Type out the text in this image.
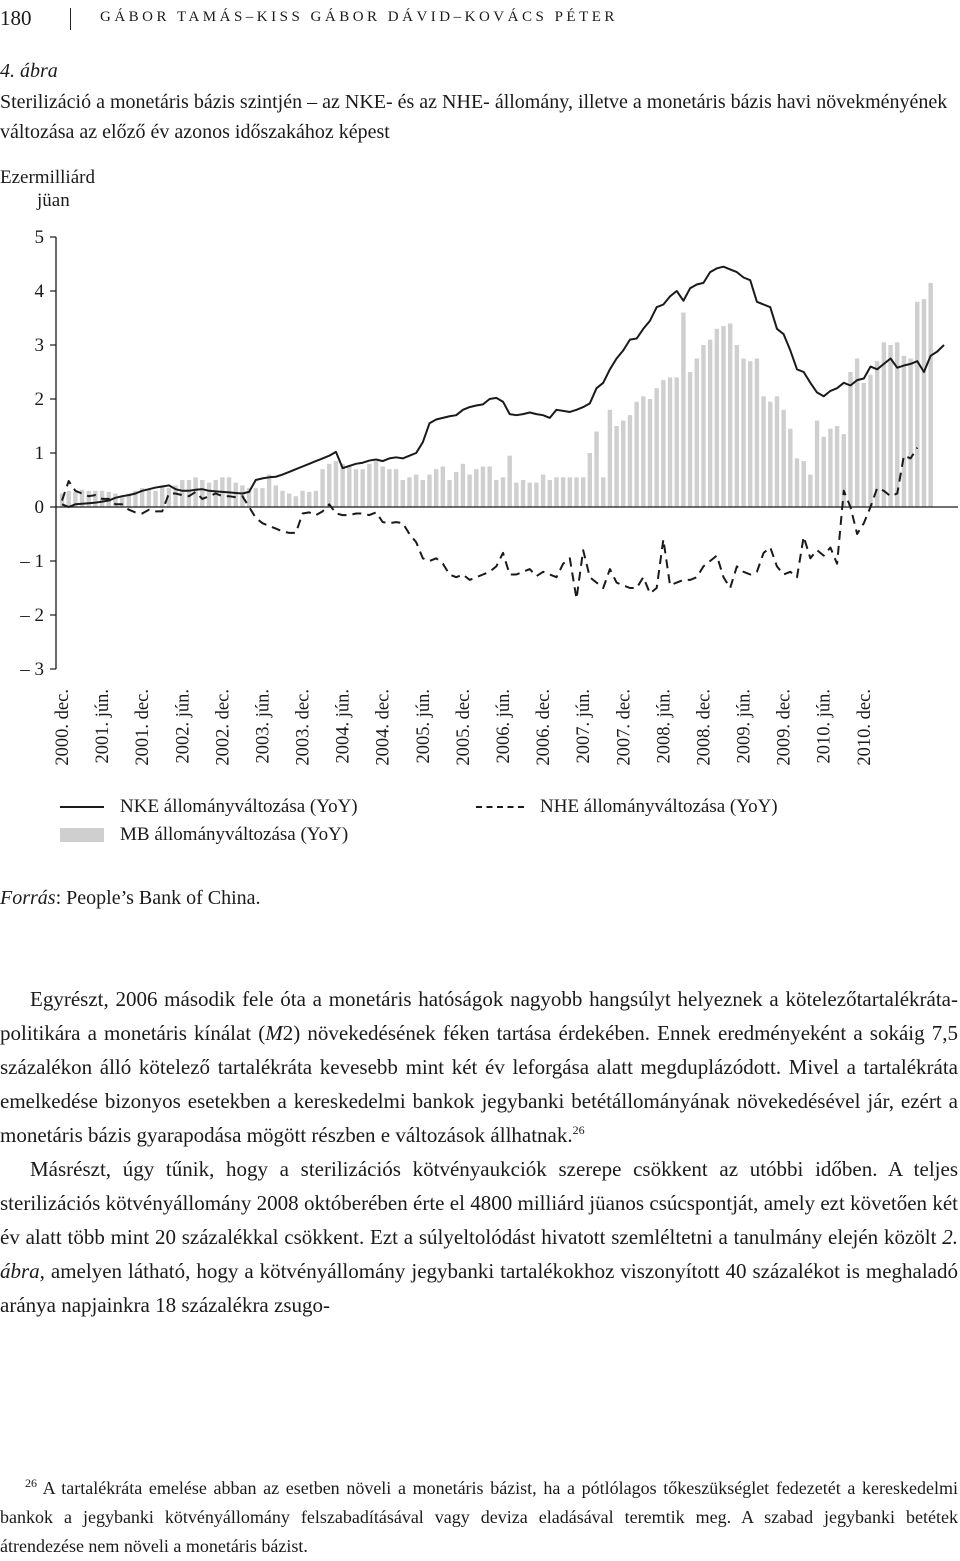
180	GÁBOR TAMÁS–KISS GÁBOR DÁVID–KOVÁCS PÉTER
4. ábra
Sterilizáció a monetáris bázis szintjén – az NKE- és az NHE- állomány, illetve a monetáris bázis havi növekményének változása az előző év azonos időszakához képest
Ezermilliárd
jüan
5
4
3
2
1
0
– 1
– 2
– 3
2000. dec. 2001. jún. 2001. dec. 2002. jún. 2002. dec. 2003. jún. 2003. dec. 2004. jún. 2004. dec. 2005. jún. 2005. dec. 2006. jún. 2006. dec. 2007. jún. 2007. dec. 2008. jún. 2008. dec. 2009. jún. 2009. dec. 2010. jún. 2010. dec.
NKE állományváltozása (YoY)	NHE állományváltozása (YoY)
MB állományváltozása (YoY)
Forrás: People’s Bank of China.

Egyrészt, 2006 második fele óta a monetáris hatóságok nagyobb hangsúlyt helyeznek a kötelezőtartalékráta-politikára a monetáris kínálat (M2) növekedésének féken tartása érdekében. Ennek eredményeként a sokáig 7,5 százalékon álló kötelező tartalékráta kevesebb mint két év leforgása alatt megduplázódott. Mivel a tartalékráta emelkedése bizonyos esetekben a kereskedelmi bankok jegybanki betétállományának növekedésével jár, ezért a monetáris bázis gyarapodása mögött részben e változások állhatnak.$^{26}$

Másrészt, úgy tűnik, hogy a sterilizációs kötvényaukciók szerepe csökkent az utóbbi időben. A teljes sterilizációs kötvényállomány 2008 októberében érte el 4800 milliárd jüanos csúcspontját, amely ezt követően két év alatt több mint 20 százalékkal csökkent. Ezt a súlyeltolódást hivatott szemléltetni a tanulmány elején közölt 2. ábra, amelyen látható, hogy a kötvényállomány jegybanki tartalékokhoz viszonyított 40 százalékot is meghaladó aránya napjainkra 18 százalékra zsugo-

$^{26}$ A tartalékráta emelése abban az esetben növeli a monetáris bázist, ha a pótlólagos tőkeszükséglet fedezetét a kereskedelmi bankok a jegybanki kötvényállomány felszabadításával vagy deviza eladásával teremtik meg. A szabad jegybanki betétek átrendezése nem növeli a monetáris bázist.
